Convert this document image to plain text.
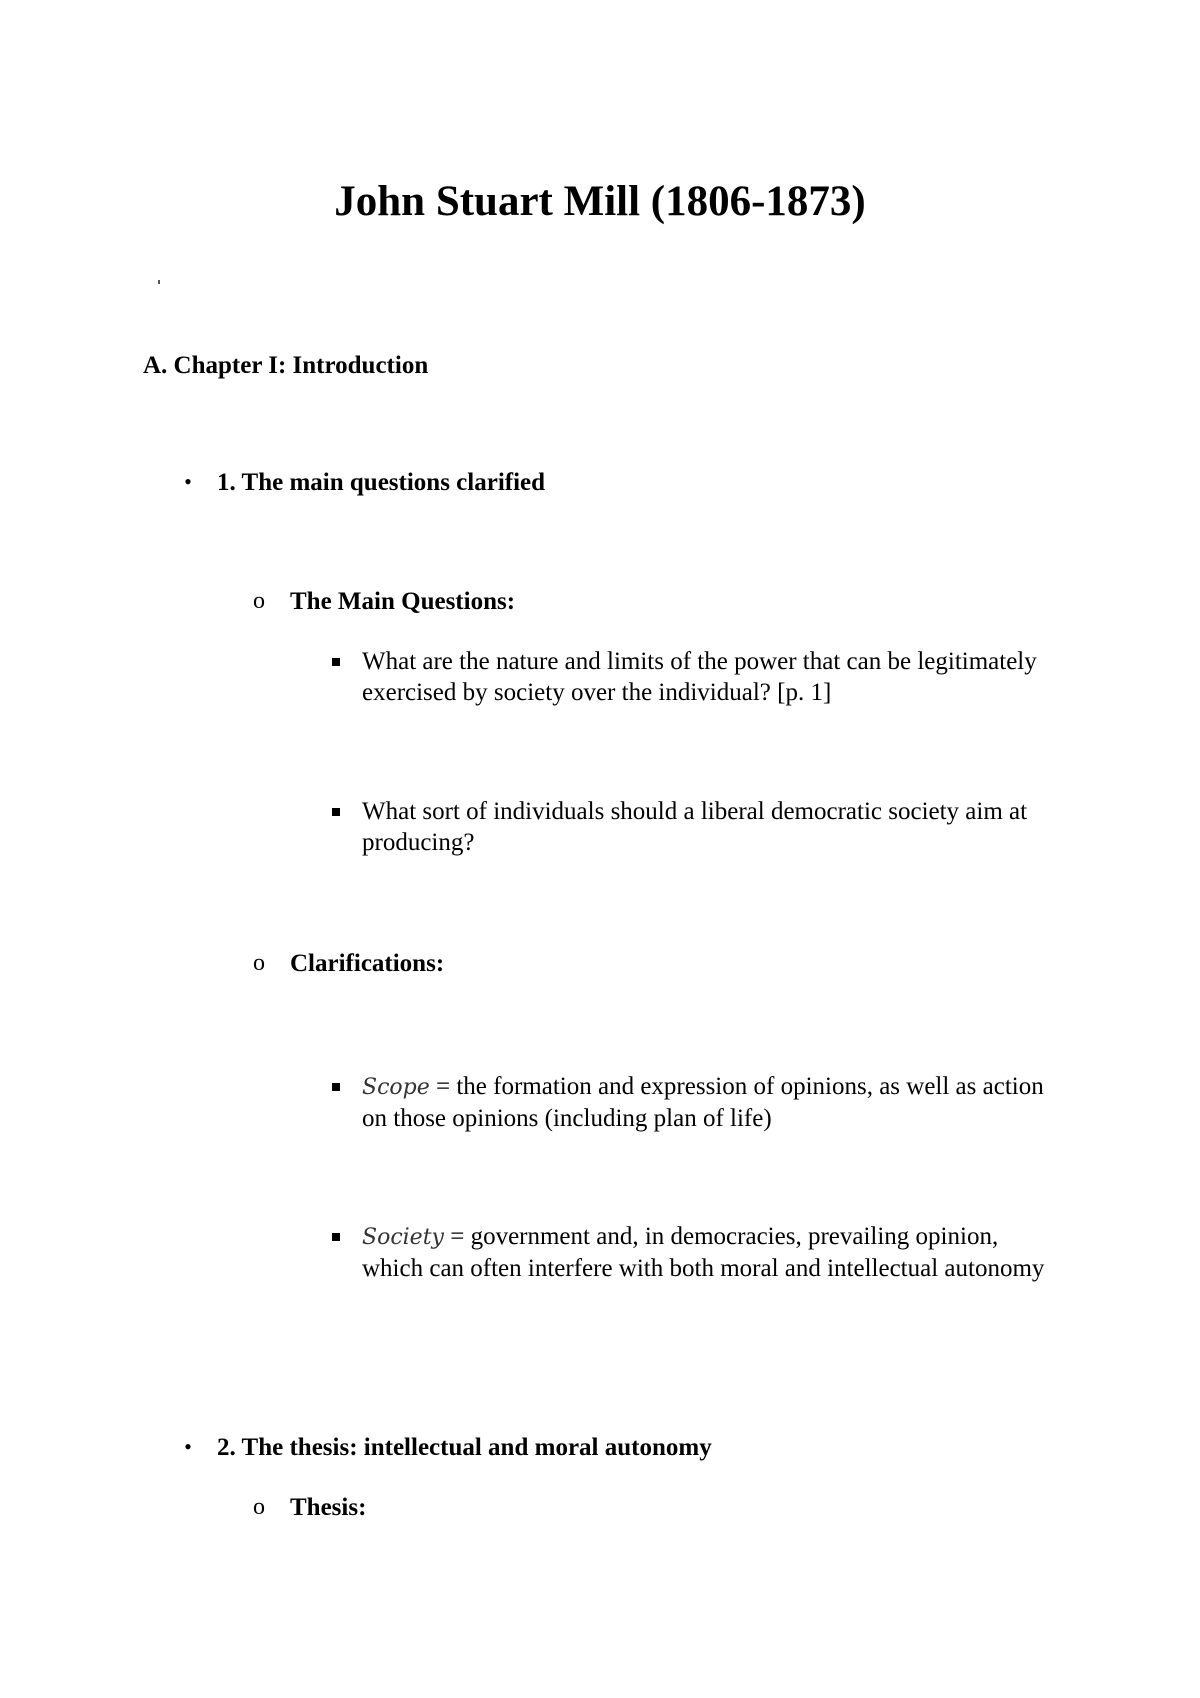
John Stuart Mill (1806-1873)
A. Chapter I: Introduction
• 1. The main questions clarified
o The Main Questions:

What are the nature and limits of the power that can be legitimately exercised by society over the individual? [p. 1]

What sort of individuals should a liberal democratic society aim at producing?

o Clarifications:

Scope = the formation and expression of opinions, as well as action on those opinions (including plan of life)

Society = government and, in democracies, prevailing opinion, which can often interfere with both moral and intellectual autonomy

• 2. The thesis: intellectual and moral autonomy
o Thesis:
